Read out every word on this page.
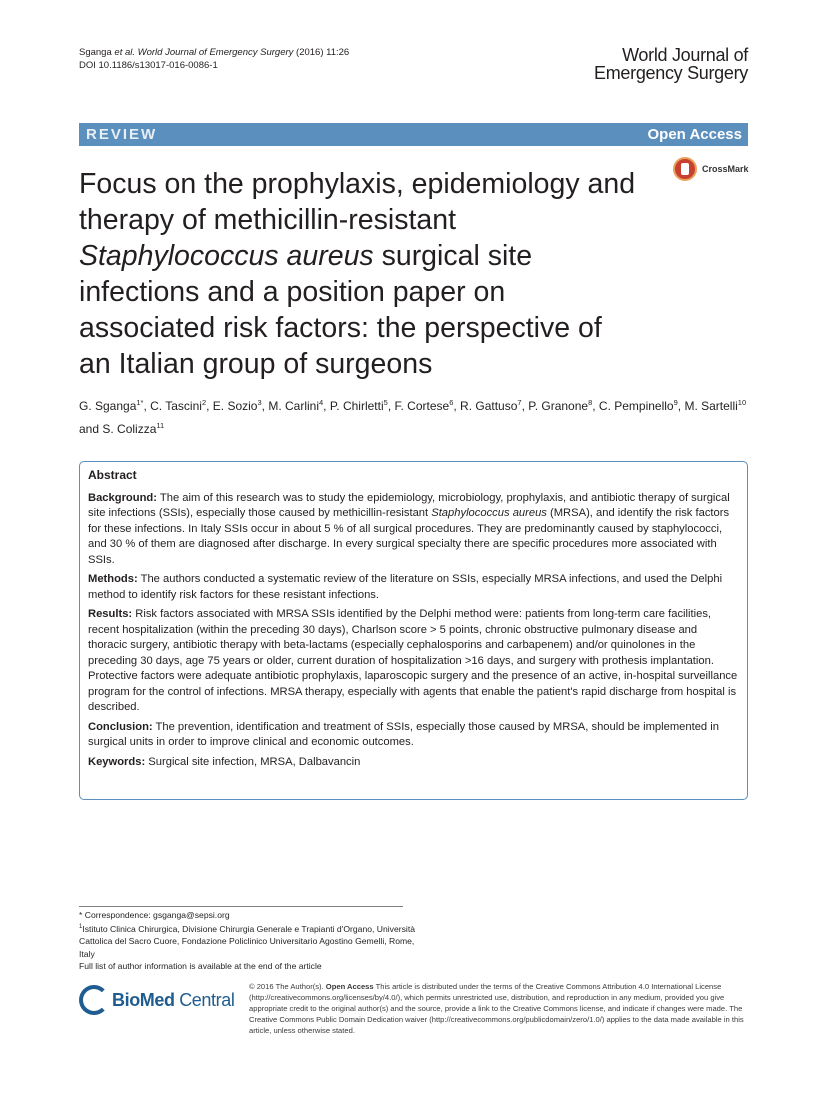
Sganga et al. World Journal of Emergency Surgery (2016) 11:26
DOI 10.1186/s13017-016-0086-1
World Journal of
Emergency Surgery
REVIEW	Open Access
CrossMark
Focus on the prophylaxis, epidemiology and therapy of methicillin-resistant Staphylococcus aureus surgical site infections and a position paper on associated risk factors: the perspective of an Italian group of surgeons
G. Sganga$^{1*}$, C. Tascini$^2$, E. Sozio$^3$, M. Carlini$^4$, P. Chirletti$^5$, F. Cortese$^6$, R. Gattuso$^7$, P. Granone$^8$, C. Pempinello$^9$, M. Sartelli$^{10}$ and S. Colizza$^{11}$
Abstract

Background: The aim of this research was to study the epidemiology, microbiology, prophylaxis, and antibiotic therapy of surgical site infections (SSIs), especially those caused by methicillin-resistant Staphylococcus aureus (MRSA), and identify the risk factors for these infections. In Italy SSIs occur in about 5 % of all surgical procedures. They are predominantly caused by staphylococci, and 30 % of them are diagnosed after discharge. In every surgical specialty there are specific procedures more associated with SSIs.

Methods: The authors conducted a systematic review of the literature on SSIs, especially MRSA infections, and used the Delphi method to identify risk factors for these resistant infections.

Results: Risk factors associated with MRSA SSIs identified by the Delphi method were: patients from long-term care facilities, recent hospitalization (within the preceding 30 days), Charlson score > 5 points, chronic obstructive pulmonary disease and thoracic surgery, antibiotic therapy with beta-lactams (especially cephalosporins and carbapenem) and/or quinolones in the preceding 30 days, age 75 years or older, current duration of hospitalization >16 days, and surgery with prothesis implantation. Protective factors were adequate antibiotic prophylaxis, laparoscopic surgery and the presence of an active, in-hospital surveillance program for the control of infections. MRSA therapy, especially with agents that enable the patient's rapid discharge from hospital is described.

Conclusion: The prevention, identification and treatment of SSIs, especially those caused by MRSA, should be implemented in surgical units in order to improve clinical and economic outcomes.

Keywords: Surgical site infection, MRSA, Dalbavancin

* Correspondence: gsganga@sepsi.org
$^1$Istituto Clinica Chirurgica, Divisione Chirurgia Generale e Trapianti d'Organo, Università Cattolica del Sacro Cuore, Fondazione Policlinico Universitario Agostino Gemelli, Rome, Italy
Full list of author information is available at the end of the article
BioMed Central
© 2016 The Author(s). Open Access This article is distributed under the terms of the Creative Commons Attribution 4.0 International License (http://creativecommons.org/licenses/by/4.0/), which permits unrestricted use, distribution, and reproduction in any medium, provided you give appropriate credit to the original author(s) and the source, provide a link to the Creative Commons license, and indicate if changes were made. The Creative Commons Public Domain Dedication waiver (http://creativecommons.org/publicdomain/zero/1.0/) applies to the data made available in this article, unless otherwise stated.
